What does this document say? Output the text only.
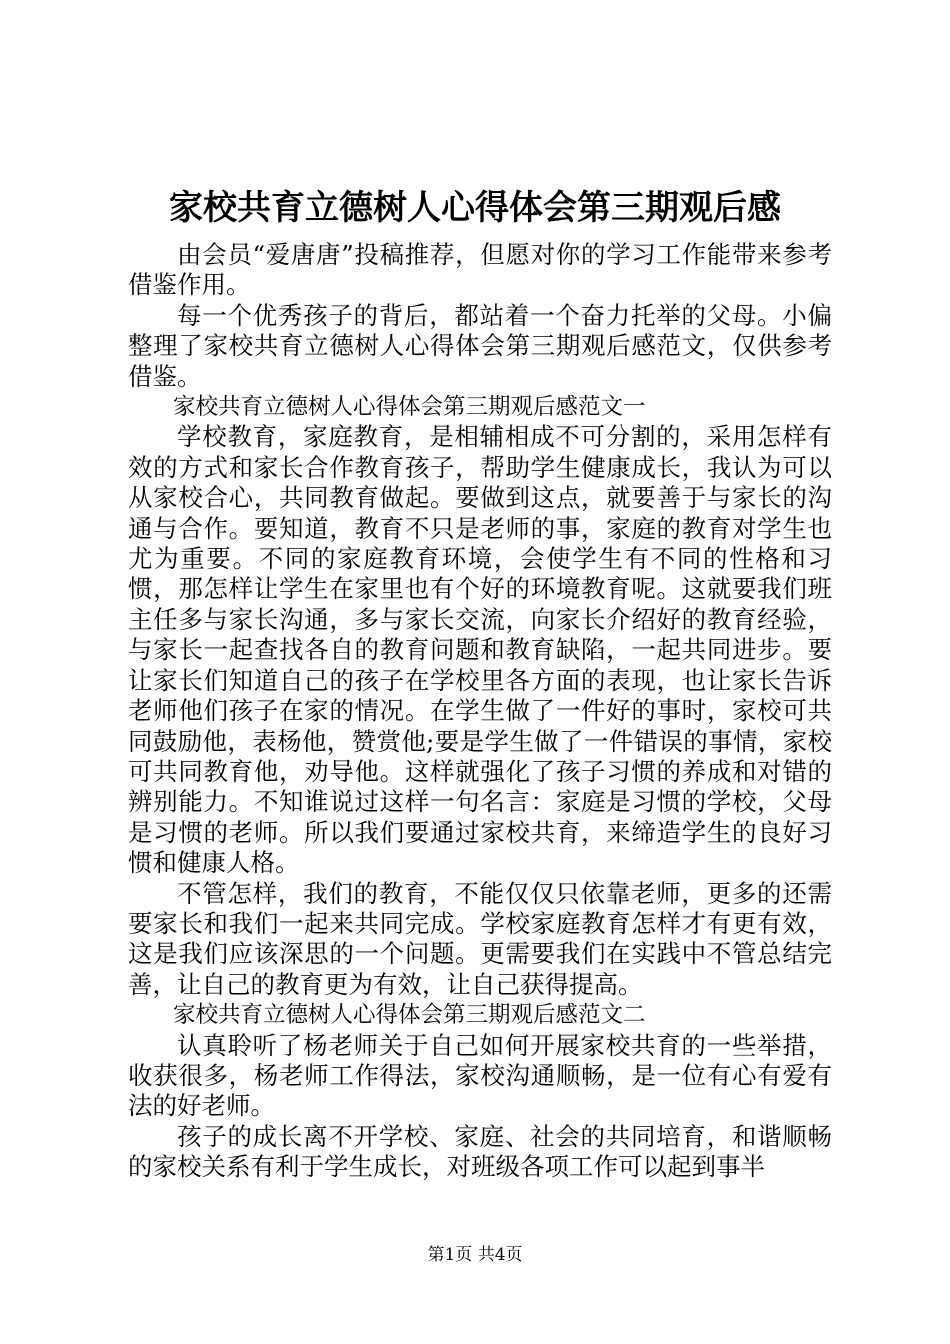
家校共育立德树人心得体会第三期观后感

由会员“爱唐唐”投稿推荐，但愿对你的学习工作能带来参考借鉴作用。

每一个优秀孩子的背后，都站着一个奋力托举的父母。小偏整理了家校共育立德树人心得体会第三期观后感范文，仅供参考借鉴。

家校共育立德树人心得体会第三期观后感范文一

学校教育，家庭教育，是相辅相成不可分割的，采用怎样有效的方式和家长合作教育孩子，帮助学生健康成长，我认为可以从家校合心，共同教育做起。要做到这点，就要善于与家长的沟通与合作。要知道，教育不只是老师的事，家庭的教育对学生也尤为重要。不同的家庭教育环境，会使学生有不同的性格和习惯，那怎样让学生在家里也有个好的环境教育呢。这就要我们班主任多与家长沟通，多与家长交流，向家长介绍好的教育经验，与家长一起查找各自的教育问题和教育缺陷，一起共同进步。要让家长们知道自己的孩子在学校里各方面的表现，也让家长告诉老师他们孩子在家的情况。在学生做了一件好的事时，家校可共同鼓励他，表杨他，赞赏他;要是学生做了一件错误的事情，家校可共同教育他，劝导他。这样就强化了孩子习惯的养成和对错的辨别能力。不知谁说过这样一句名言：家庭是习惯的学校，父母是习惯的老师。所以我们要通过家校共育，来缔造学生的良好习惯和健康人格。

不管怎样，我们的教育，不能仅仅只依靠老师，更多的还需要家长和我们一起来共同完成。学校家庭教育怎样才有更有效，这是我们应该深思的一个问题。更需要我们在实践中不管总结完善，让自己的教育更为有效，让自己获得提高。

家校共育立德树人心得体会第三期观后感范文二

认真聆听了杨老师关于自己如何开展家校共育的一些举措，收获很多，杨老师工作得法，家校沟通顺畅，是一位有心有爱有法的好老师。

孩子的成长离不开学校、家庭、社会的共同培育，和谐顺畅的家校关系有利于学生成长，对班级各项工作可以起到事半

第1页 共4页
